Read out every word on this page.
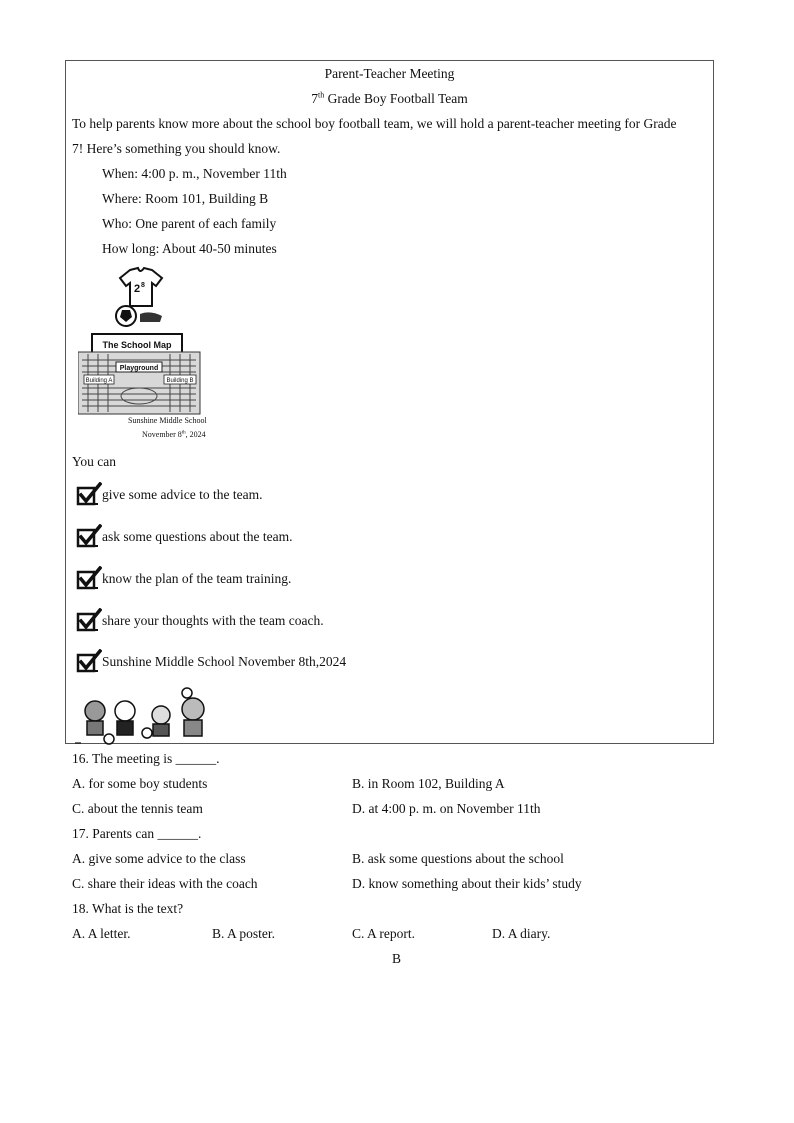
Parent-Teacher Meeting
7th Grade Boy Football Team
To help parents know more about the school boy football team, we will hold a parent-teacher meeting for Grade
7! Here’s something you should know.
When: 4:00 p. m., November 11th
Where: Room 101, Building B
Who: One parent of each family
How long: About 40-50 minutes
2 8
The School Map
Playground
Building A	Building B
Sunshine Middle School
November 8th, 2024
You can
give some advice to the team.
ask some questions about the team.
know the plan of the team training.
share your thoughts with the team coach.
Sunshine Middle School November 8th,2024
16. The meeting is ______.
A. for some boy students	B. in Room 102, Building A
C. about the tennis team	D. at 4:00 p. m. on November 11th
17. Parents can ______.
A. give some advice to the class	B. ask some questions about the school
C. share their ideas with the coach	D. know something about their kids’ study
18. What is the text?
A. A letter.	B. A poster.	C. A report.	D. A diary.
B
